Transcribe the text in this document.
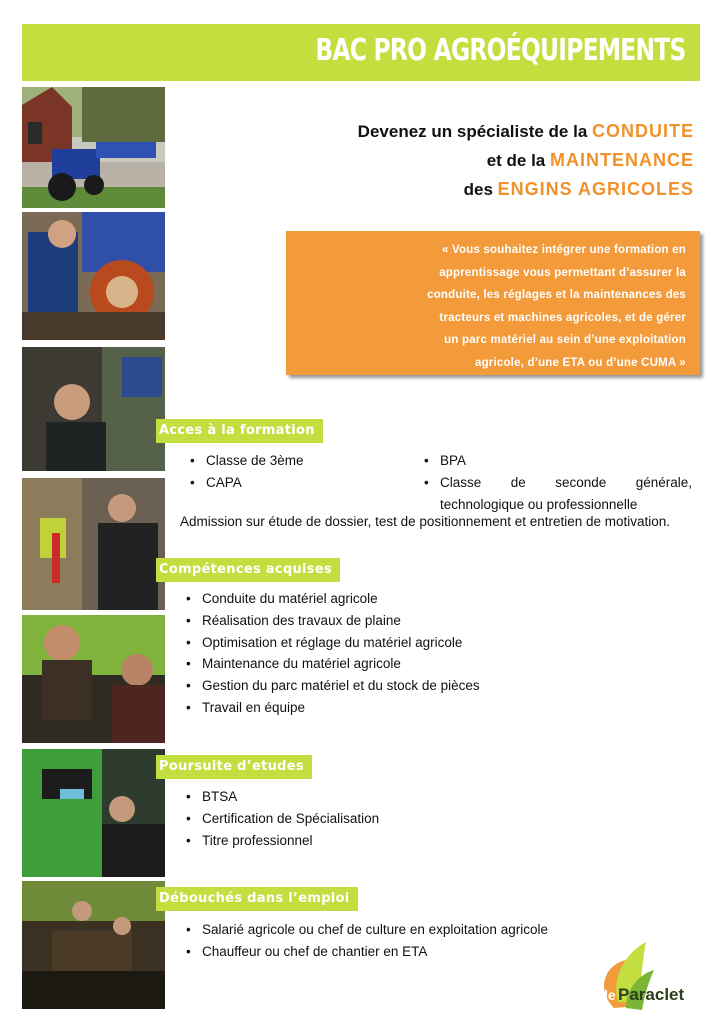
BAC PRO AGROÉQUIPEMENTS
Devenez un spécialiste de la CONDUITE
et de la MAINTENANCE
des ENGINS AGRICOLES
« Vous souhaitez intégrer une formation en
apprentissage vous permettant d’assurer la
conduite, les réglages et la maintenances des
tracteurs et machines agricoles, et de gérer
un parc matériel au sein d’une exploitation
agricole, d’une ETA ou d’une CUMA »
Acces à la formation
• Classe de 3ème
• CAPA
• BPA
• Classe de seconde générale, technologique ou professionnelle
Admission sur étude de dossier, test de positionnement et entretien de motivation.
Compétences acquises
• Conduite du matériel agricole
• Réalisation des travaux de plaine
• Optimisation et réglage du matériel agricole
• Maintenance du matériel agricole
• Gestion du parc matériel et du stock de pièces
• Travail en équipe
Poursuite d’etudes
• BTSA
• Certification de Spécialisation
• Titre professionnel
Débouchés dans l’emploi
• Salarié agricole ou chef de culture en exploitation agricole
• Chauffeur ou chef de chantier en ETA
le Paraclet
